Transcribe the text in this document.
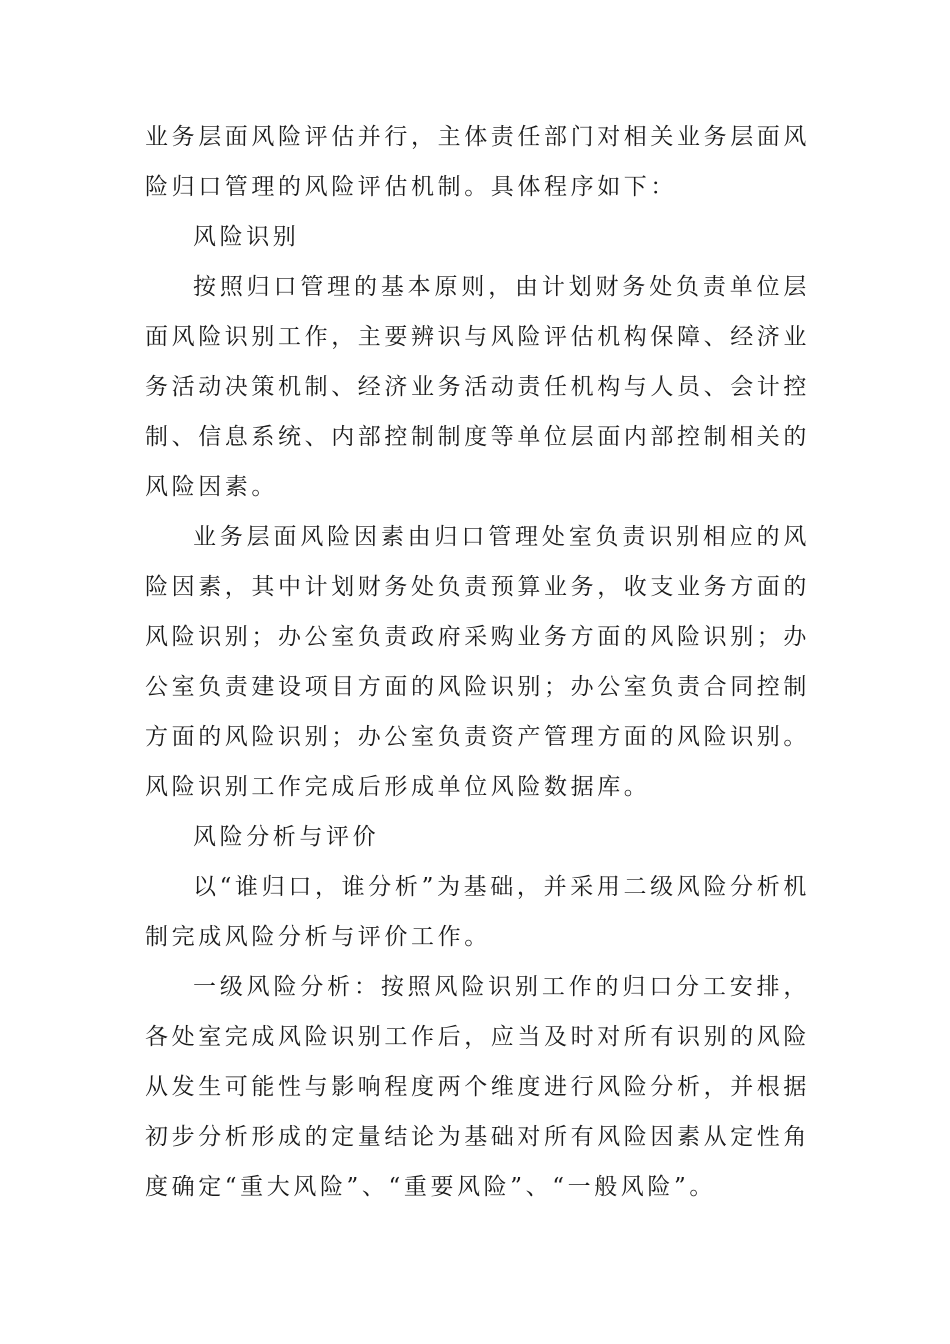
业务层面风险评估并行，主体责任部门对相关业务层面风险归口管理的风险评估机制。具体程序如下：

风险识别

按照归口管理的基本原则，由计划财务处负责单位层面风险识别工作，主要辨识与风险评估机构保障、经济业务活动决策机制、经济业务活动责任机构与人员、会计控制、信息系统、内部控制制度等单位层面内部控制相关的风险因素。

业务层面风险因素由归口管理处室负责识别相应的风险因素，其中计划财务处负责预算业务，收支业务方面的风险识别；办公室负责政府采购业务方面的风险识别；办公室负责建设项目方面的风险识别；办公室负责合同控制方面的风险识别；办公室负责资产管理方面的风险识别。风险识别工作完成后形成单位风险数据库。

风险分析与评价

以“谁归口，谁分析”为基础，并采用二级风险分析机制完成风险分析与评价工作。

一级风险分析：按照风险识别工作的归口分工安排，各处室完成风险识别工作后，应当及时对所有识别的风险从发生可能性与影响程度两个维度进行风险分析，并根据初步分析形成的定量结论为基础对所有风险因素从定性角度确定“重大风险”、“重要风险”、“一般风险”。
